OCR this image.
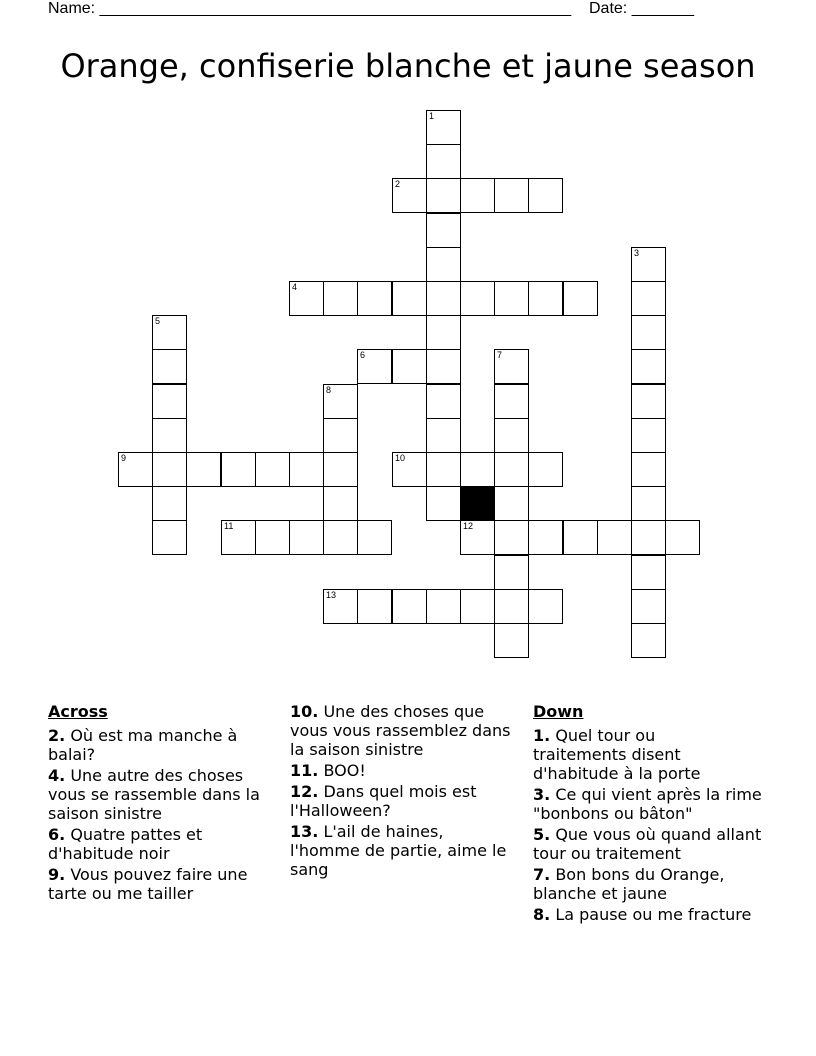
Name: _____________________________________________________ Date: _______
Orange, confiserie blanche et jaune season
1
2
3
4
5
6	7
8
9	10
11	12
13
Across
2. Où est ma manche à balai?
4. Une autre des choses vous se rassemble dans la saison sinistre
6. Quatre pattes et d'habitude noir
9. Vous pouvez faire une tarte ou me tailler
10. Une des choses que vous vous rassemblez dans la saison sinistre
11. BOO!
12. Dans quel mois est l'Halloween?
13. L'ail de haines, l'homme de partie, aime le sang
Down
1. Quel tour ou traitements disent d'habitude à la porte
3. Ce qui vient après la rime "bonbons ou bâton"
5. Que vous où quand allant tour ou traitement
7. Bon bons du Orange, blanche et jaune
8. La pause ou me fracture
